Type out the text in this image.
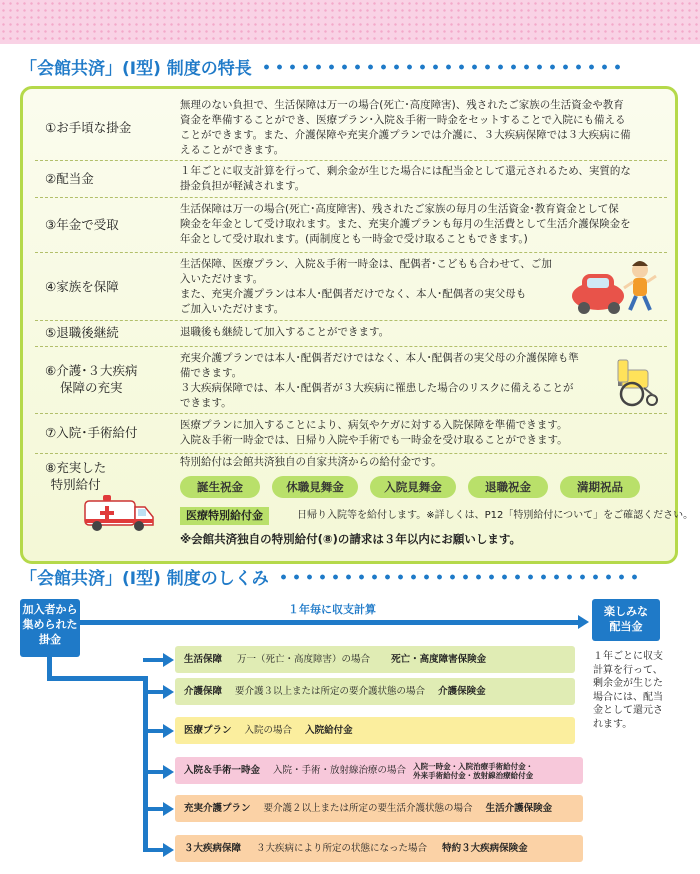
「会館共済」(Ⅰ型) 制度の特長
①お手頃な掛金
無理のない負担で、生活保障は万一の場合(死亡･高度障害)、残されたご家族の生活資金や教育
資金を準備することができ、医療プラン･入院＆手術一時金をセットすることで入院にも備える
ことができます。また、介護保障や充実介護プランでは介護に、３大疾病保障では３大疾病に備
えることができます。
②配当金	１年ごとに収支計算を行って、剰余金が生じた場合には配当金として還元されるため、実質的な
掛金負担が軽減されます。
③年金で受取
生活保障は万一の場合(死亡･高度障害)、残されたご家族の毎月の生活資金･教育資金として保
険金を年金として受け取れます。また、充実介護プランも毎月の生活費として生活介護保険金を
年金として受け取れます。(両制度とも一時金で受け取ることもできます。)
④家族を保障
生活保障、医療プラン、入院＆手術一時金は、配偶者･こどもも合わせて、ご加
入いただけます。
また、充実介護プランは本人･配偶者だけでなく、本人･配偶者の実父母も
ご加入いただけます。
⑤退職後継続	退職後も継続して加入することができます。
⑥介護･３大疾病
保障の充実
充実介護プランでは本人･配偶者だけではなく、本人･配偶者の実父母の介護保障も準
備できます。
３大疾病保障では、本人･配偶者が３大疾病に罹患した場合のリスクに備えることが
できます。
⑦入院･手術給付	医療プランに加入することにより、病気やケガに対する入院保障を準備できます。
入院＆手術一時金では、日帰り入院や手術でも一時金を受け取ることができます。
⑧充実した
特別給付
特別給付は会館共済独自の自家共済からの給付金です。
誕生祝金	休職見舞金	入院見舞金	退職祝金	満期祝品
医療特別給付金	日帰り入院等を給付します。※詳しくは、P12「特別給付について」をご確認ください。
※会館共済独自の特別給付(⑧)の請求は３年以内にお願いします。
「会館共済」(Ⅰ型) 制度のしくみ
加入者から
集められた
掛金
１年毎に収支計算	楽しみな
配当金
１年ごとに収支
計算を行って、
剰余金が生じた
場合には、配当
金として還元さ
れます。
生活保障 万一（死亡・高度障害）の場合 死亡・高度障害保険金
介護保障 要介護３以上または所定の要介護状態の場合 介護保険金
医療プラン 入院の場合 入院給付金
入院＆手術一時金 入院・手術・放射線治療の場合 入院一時金・入院治療手術給付金・
外来手術給付金・放射線治療給付金
充実介護プラン 要介護２以上または所定の要生活介護状態の場合 生活介護保険金
３大疾病保障 ３大疾病により所定の状態になった場合 特約３大疾病保険金
